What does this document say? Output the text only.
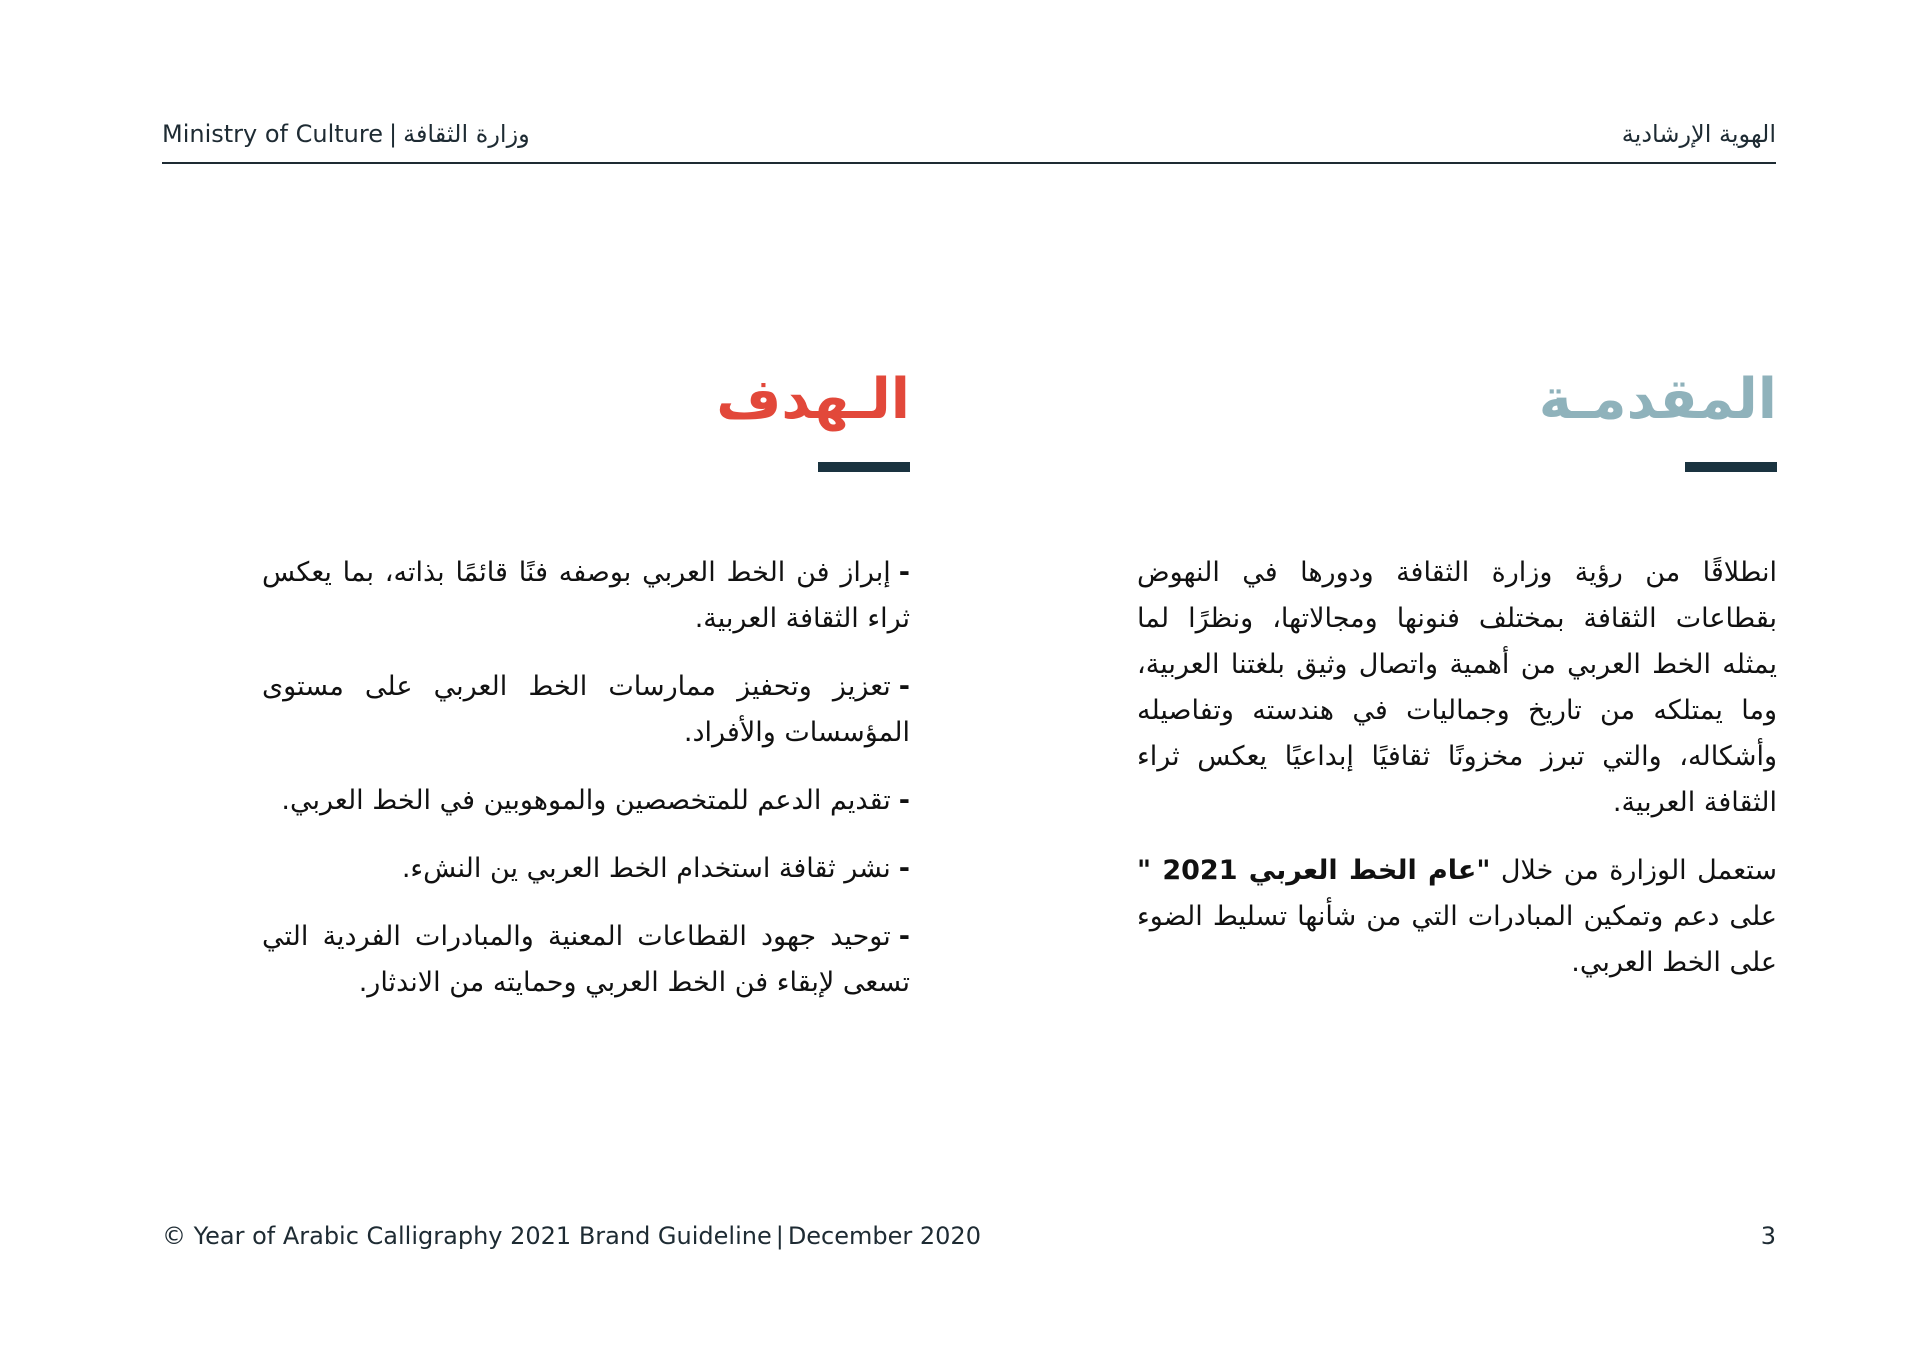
Ministry of Culture | وزارة الثقافة	الهوية الإرشادية
المقدمـة

انطلاقًا من رؤية وزارة الثقافة ودورها في النهوض بقطاعات الثقافة بمختلف فنونها ومجالاتها، ونظرًا لما يمثله الخط العربي من أهمية واتصال وثيق بلغتنا العربية، وما يمتلكه من تاريخ وجماليات في هندسته وتفاصيله وأشكاله، والتي تبرز مخزونًا ثقافيًا إبداعيًا يعكس ثراء الثقافة العربية.

ستعمل الوزارة من خلال "عام الخط العربي 2021 " على دعم وتمكين المبادرات التي من شأنها تسليط الضوء على الخط العربي.

الـهدف

-إبراز فن الخط العربي بوصفه فنًا قائمًا بذاته، بما يعكس ثراء الثقافة العربية.

-تعزيز وتحفيز ممارسات الخط العربي على مستوى المؤسسات والأفراد.

-تقديم الدعم للمتخصصين والموهوبين في الخط العربي.

-نشر ثقافة استخدام الخط العربي ين النشء.

-توحيد جهود القطاعات المعنية والمبادرات الفردية التي تسعى لإبقاء فن الخط العربي وحمايته من الاندثار.

© Year of Arabic Calligraphy 2021 Brand Guideline | December 2020	3
